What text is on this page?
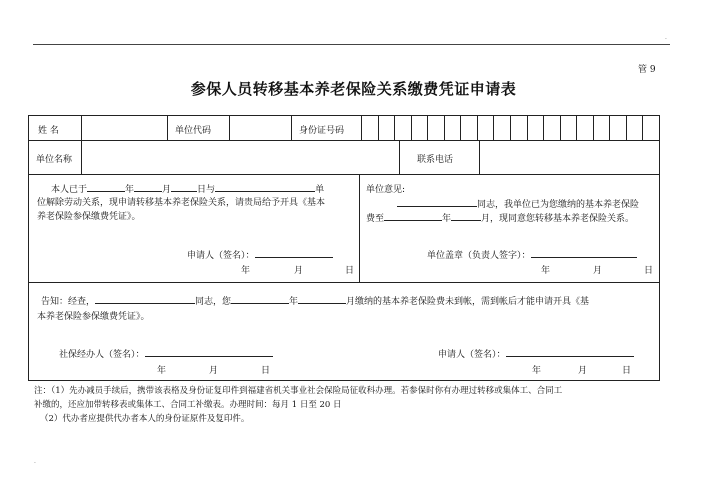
·
管 9
参保人员转移基本养老保险关系缴费凭证申请表
姓 名	单位代码	身份证号码
单位名称	联系电话
本人已于	年	月	日与	单
位解除劳动关系，现申请转移基本养老保险关系，请贵局给予开具《基本
养老保险参保缴费凭证》。
申请人（签名）：
年	月	日
单位意见:
同志，我单位已为您缴纳的基本养老保险
费至	年	月，现同意您转移基本养老保险关系。
单位盖章（负责人签字）：
年	月	日
告知：经查，	同志，您	年	月缴纳的基本养老保险费未到帐，需到帐后才能申请开具《基
本养老保险参保缴费凭证》。
社保经办人（签名）：	申请人（签名）：
年	月	日	年	月	日
注：（1）先办减员手续后，携带该表格及身份证复印件到福建省机关事业社会保险局征收科办理。若参保时你有办理过转移或集体工、合同工
补缴的，还应加带转移表或集体工、合同工补缴表。办理时间：每月 1 日至 20 日
（2）代办者应提供代办者本人的身份证原件及复印件。
.
